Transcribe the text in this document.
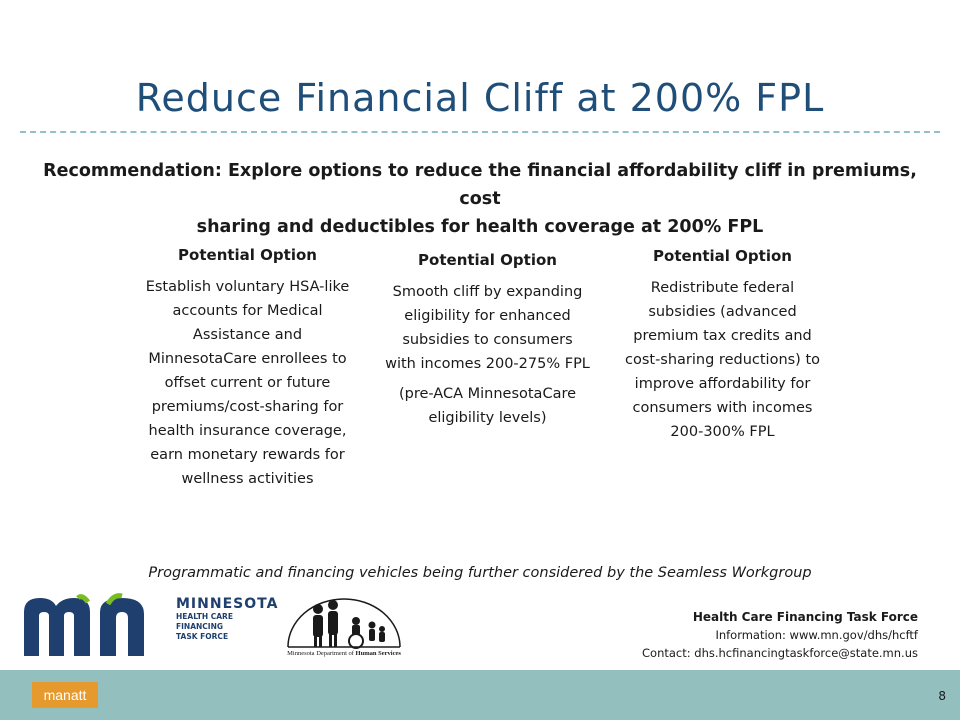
Reduce Financial Cliff at 200% FPL
Recommendation: Explore options to reduce the financial affordability cliff in premiums, cost
sharing and deductibles for health coverage at 200% FPL
Potential Option
Establish voluntary HSA-like accounts for Medical Assistance and MinnesotaCare enrollees to offset current or future premiums/cost-sharing for health insurance coverage, earn monetary rewards for wellness activities
Potential Option
Smooth cliff by expanding eligibility for enhanced subsidies to consumers with incomes 200-275% FPL
(pre-ACA MinnesotaCare eligibility levels)
Potential Option
Redistribute federal subsidies (advanced premium tax credits and cost-sharing reductions) to improve affordability for consumers with incomes 200-300% FPL
Programmatic and financing vehicles being further considered by the Seamless Workgroup
MINNESOTA
HEALTH CARE
FINANCING
TASK FORCE
Minnesota Department of Human Services
Health Care Financing Task Force
Information: www.mn.gov/dhs/hcftf
Contact: dhs.hcfinancingtaskforce@state.mn.us
manatt	8
